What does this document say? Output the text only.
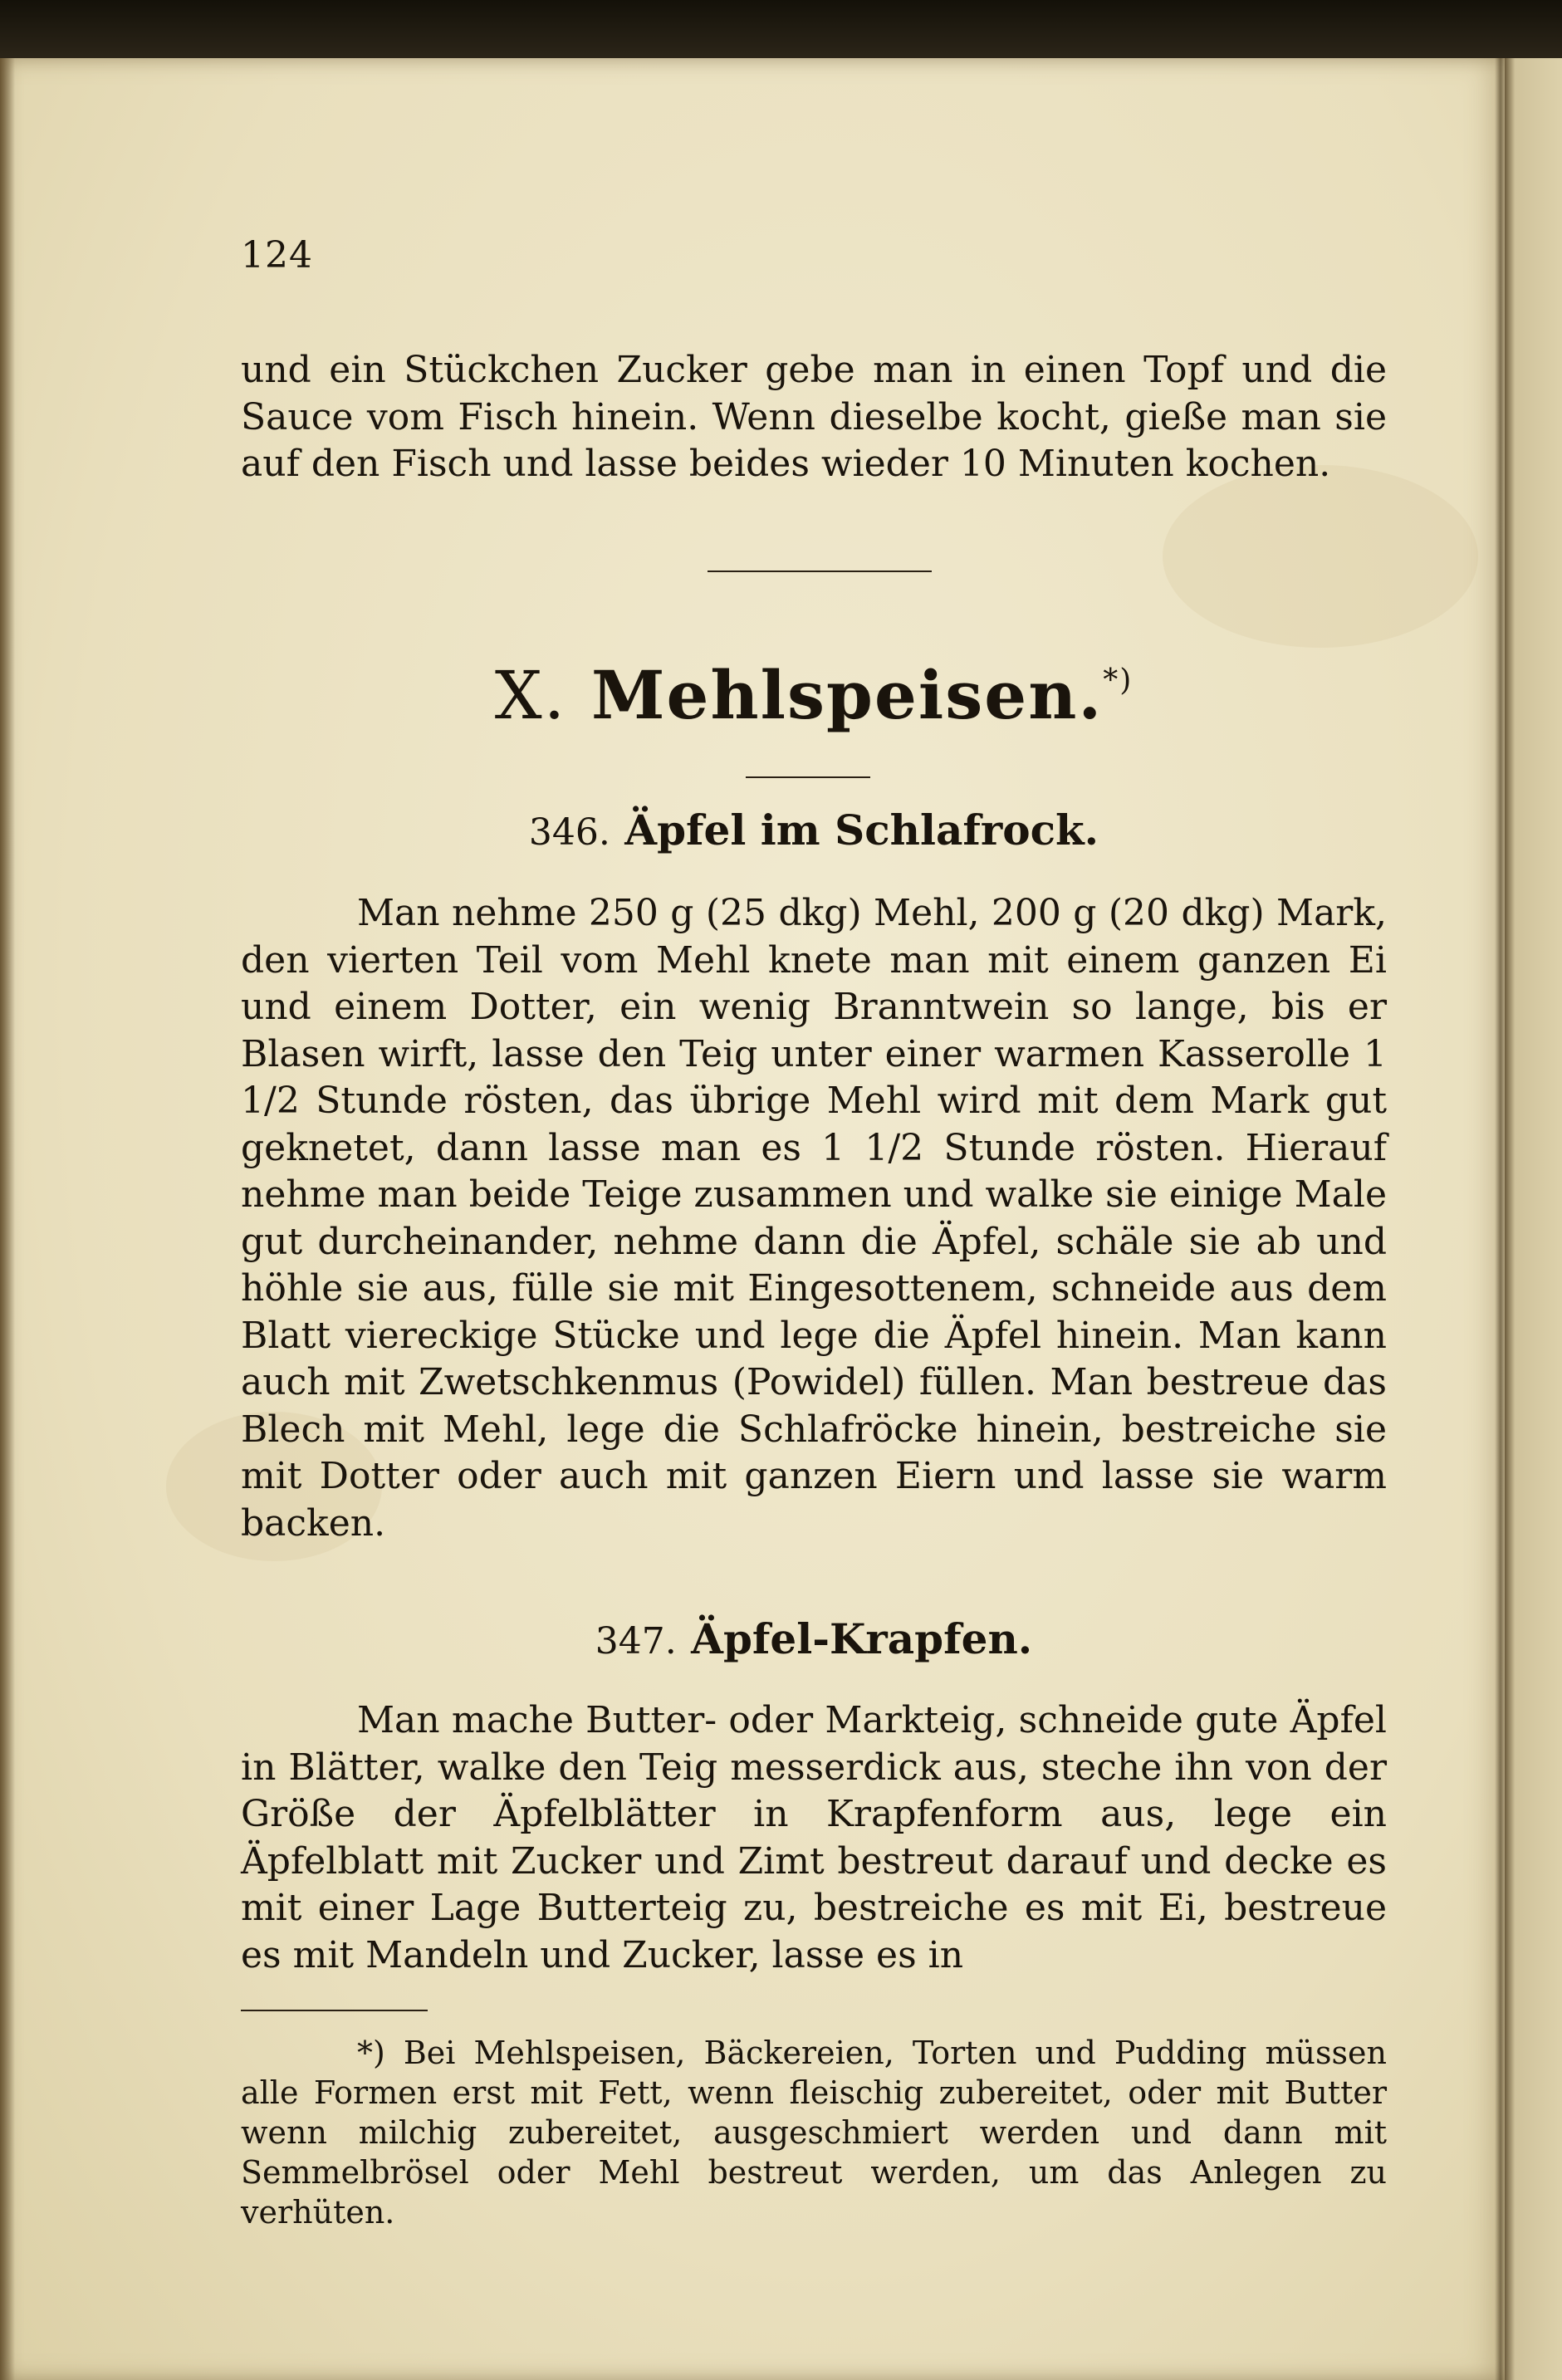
124

und ein Stückchen Zucker gebe man in einen Topf und die Sauce vom Fisch hinein. Wenn dieselbe kocht, gieße man sie auf den Fisch und lasse beides wieder 10 Minuten kochen.

X. Mehlspeisen.*)
346. Äpfel im Schlafrock.

Man nehme 250 g (25 dkg) Mehl, 200 g (20 dkg) Mark, den vierten Teil vom Mehl knete man mit einem ganzen Ei und einem Dotter, ein wenig Branntwein so lange, bis er Blasen wirft, lasse den Teig unter einer warmen Kasserolle 1 1/2 Stunde rösten, das übrige Mehl wird mit dem Mark gut geknetet, dann lasse man es 1 1/2 Stunde rösten. Hierauf nehme man beide Teige zusammen und walke sie einige Male gut durcheinander, nehme dann die Äpfel, schäle sie ab und höhle sie aus, fülle sie mit Eingesottenem, schneide aus dem Blatt viereckige Stücke und lege die Äpfel hinein. Man kann auch mit Zwetschkenmus (Powidel) füllen. Man bestreue das Blech mit Mehl, lege die Schlafröcke hinein, bestreiche sie mit Dotter oder auch mit ganzen Eiern und lasse sie warm backen.

347. Äpfel-Krapfen.

Man mache Butter- oder Markteig, schneide gute Äpfel in Blätter, walke den Teig messerdick aus, steche ihn von der Größe der Äpfelblätter in Krapfenform aus, lege ein Äpfelblatt mit Zucker und Zimt bestreut darauf und decke es mit einer Lage Butterteig zu, bestreiche es mit Ei, bestreue es mit Mandeln und Zucker, lasse es in

*) Bei Mehlspeisen, Bäckereien, Torten und Pudding müssen alle Formen erst mit Fett, wenn fleischig zubereitet, oder mit Butter wenn milchig zubereitet, ausgeschmiert werden und dann mit Semmelbrösel oder Mehl bestreut werden, um das Anlegen zu verhüten.
